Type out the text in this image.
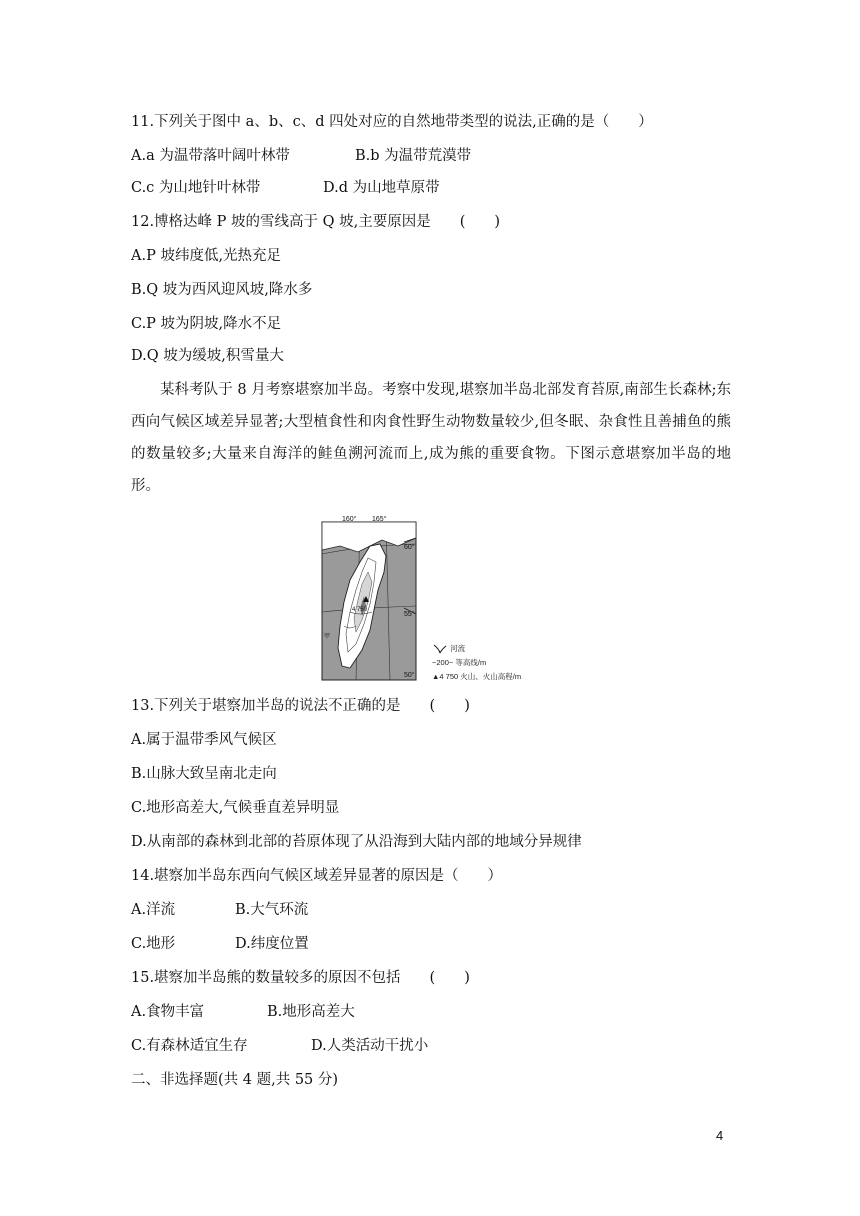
11.下列关于图中 a、b、c、d 四处对应的自然地带类型的说法,正确的是（　　）
A.a 为温带落叶阔叶林带	B.b 为温带荒漠带
C.c 为山地针叶林带	D.d 为山地草原带
12.博格达峰 P 坡的雪线高于 Q 坡,主要原因是　　(　　)
A.P 坡纬度低,光热充足
B.Q 坡为西风迎风坡,降水多
C.P 坡为阴坡,降水不足
D.Q 坡为缓坡,积雪量大
某科考队于 8 月考察堪察加半岛。考察中发现,堪察加半岛北部发育苔原,南部生长森林;东西向气候区域差异显著;大型植食性和肉食性野生动物数量较少,但冬眠、杂食性且善捕鱼的熊的数量较多;大量来自海洋的鲑鱼溯河流而上,成为熊的重要食物。下图示意堪察加半岛的地形。
160° 165°
60°
55°
50°
4 750
甲
河流
~200~ 等高线/m
▲4 750 火山、火山高程/m
13.下列关于堪察加半岛的说法不正确的是　　(　　)
A.属于温带季风气候区
B.山脉大致呈南北走向
C.地形高差大,气候垂直差异明显
D.从南部的森林到北部的苔原体现了从沿海到大陆内部的地域分异规律
14.堪察加半岛东西向气候区域差异显著的原因是（　　）
A.洋流	B.大气环流
C.地形	D.纬度位置
15.堪察加半岛熊的数量较多的原因不包括　　(　　)
A.食物丰富	B.地形高差大
C.有森林适宜生存	D.人类活动干扰小
二、非选择题(共 4 题,共 55 分)
4
